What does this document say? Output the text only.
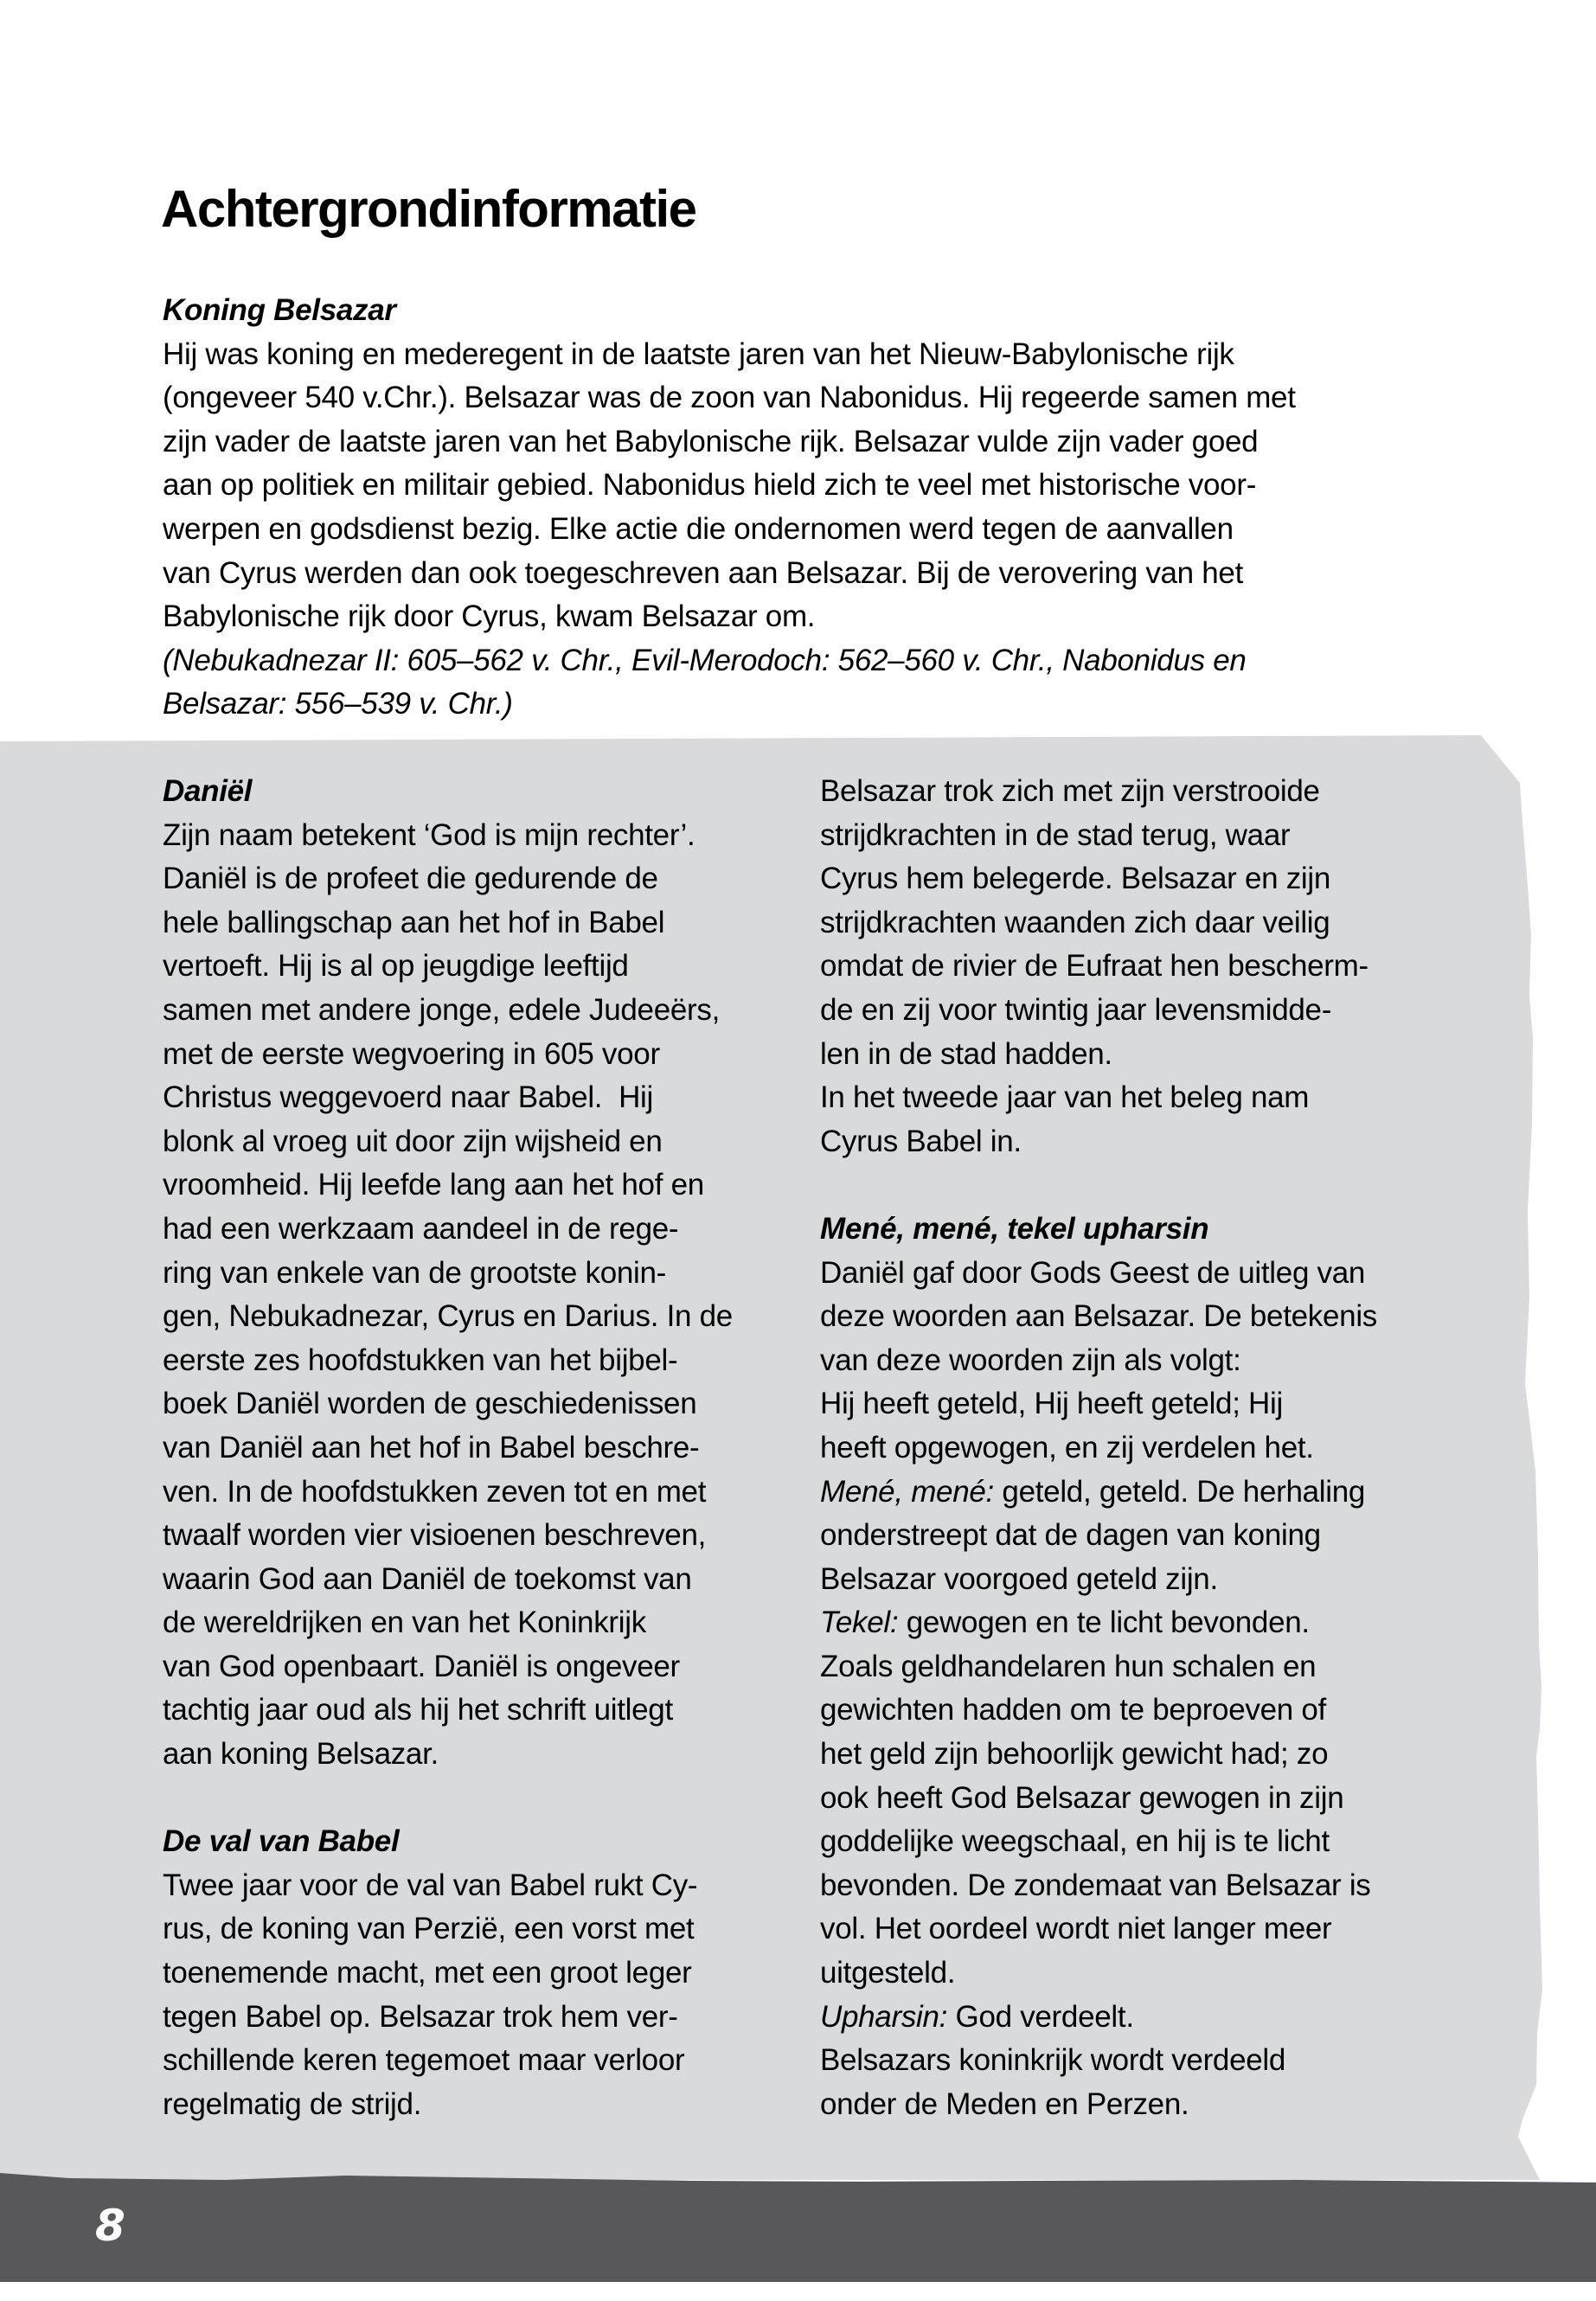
Achtergrondinformatie
Koning Belsazar
Hij was koning en mederegent in de laatste jaren van het Nieuw-Babylonische rijk
(ongeveer 540 v.Chr.). Belsazar was de zoon van Nabonidus. Hij regeerde samen met
zijn vader de laatste jaren van het Babylonische rijk. Belsazar vulde zijn vader goed
aan op politiek en militair gebied. Nabonidus hield zich te veel met historische voor-
werpen en godsdienst bezig. Elke actie die ondernomen werd tegen de aanvallen
van Cyrus werden dan ook toegeschreven aan Belsazar. Bij de verovering van het
Babylonische rijk door Cyrus, kwam Belsazar om.
(Nebukadnezar II: 605–562 v. Chr., Evil-Merodoch: 562–560 v. Chr., Nabonidus en
Belsazar: 556–539 v. Chr.)
Daniël
Zijn naam betekent ‘God is mijn rechter’.
Daniël is de profeet die gedurende de
hele ballingschap aan het hof in Babel
vertoeft. Hij is al op jeugdige leeftijd
samen met andere jonge, edele Judeeërs,
met de eerste wegvoering in 605 voor
Christus weggevoerd naar Babel.  Hij
blonk al vroeg uit door zijn wijsheid en
vroomheid. Hij leefde lang aan het hof en
had een werkzaam aandeel in de rege-
ring van enkele van de grootste konin-
gen, Nebukadnezar, Cyrus en Darius. In de
eerste zes hoofdstukken van het bijbel-
boek Daniël worden de geschiedenissen
van Daniël aan het hof in Babel beschre-
ven. In de hoofdstukken zeven tot en met
twaalf worden vier visioenen beschreven,
waarin God aan Daniël de toekomst van
de wereldrijken en van het Koninkrijk
van God openbaart. Daniël is ongeveer
tachtig jaar oud als hij het schrift uitlegt
aan koning Belsazar.
De val van Babel
Twee jaar voor de val van Babel rukt Cy-
rus, de koning van Perzië, een vorst met
toenemende macht, met een groot leger
tegen Babel op. Belsazar trok hem ver-
schillende keren tegemoet maar verloor
regelmatig de strijd.
Belsazar trok zich met zijn verstrooide
strijdkrachten in de stad terug, waar
Cyrus hem belegerde. Belsazar en zijn
strijdkrachten waanden zich daar veilig
omdat de rivier de Eufraat hen bescherm-
de en zij voor twintig jaar levensmidde-
len in de stad hadden.
In het tweede jaar van het beleg nam
Cyrus Babel in.
Mené, mené, tekel upharsin
Daniël gaf door Gods Geest de uitleg van
deze woorden aan Belsazar. De betekenis
van deze woorden zijn als volgt:
Hij heeft geteld, Hij heeft geteld; Hij
heeft opgewogen, en zij verdelen het.
Mené, mené: geteld, geteld. De herhaling
onderstreept dat de dagen van koning
Belsazar voorgoed geteld zijn.
Tekel: gewogen en te licht bevonden.
Zoals geldhandelaren hun schalen en
gewichten hadden om te beproeven of
het geld zijn behoorlijk gewicht had; zo
ook heeft God Belsazar gewogen in zijn
goddelijke weegschaal, en hij is te licht
bevonden. De zondemaat van Belsazar is
vol. Het oordeel wordt niet langer meer
uitgesteld.
Upharsin: God verdeelt.
Belsazars koninkrijk wordt verdeeld
onder de Meden en Perzen.
8
